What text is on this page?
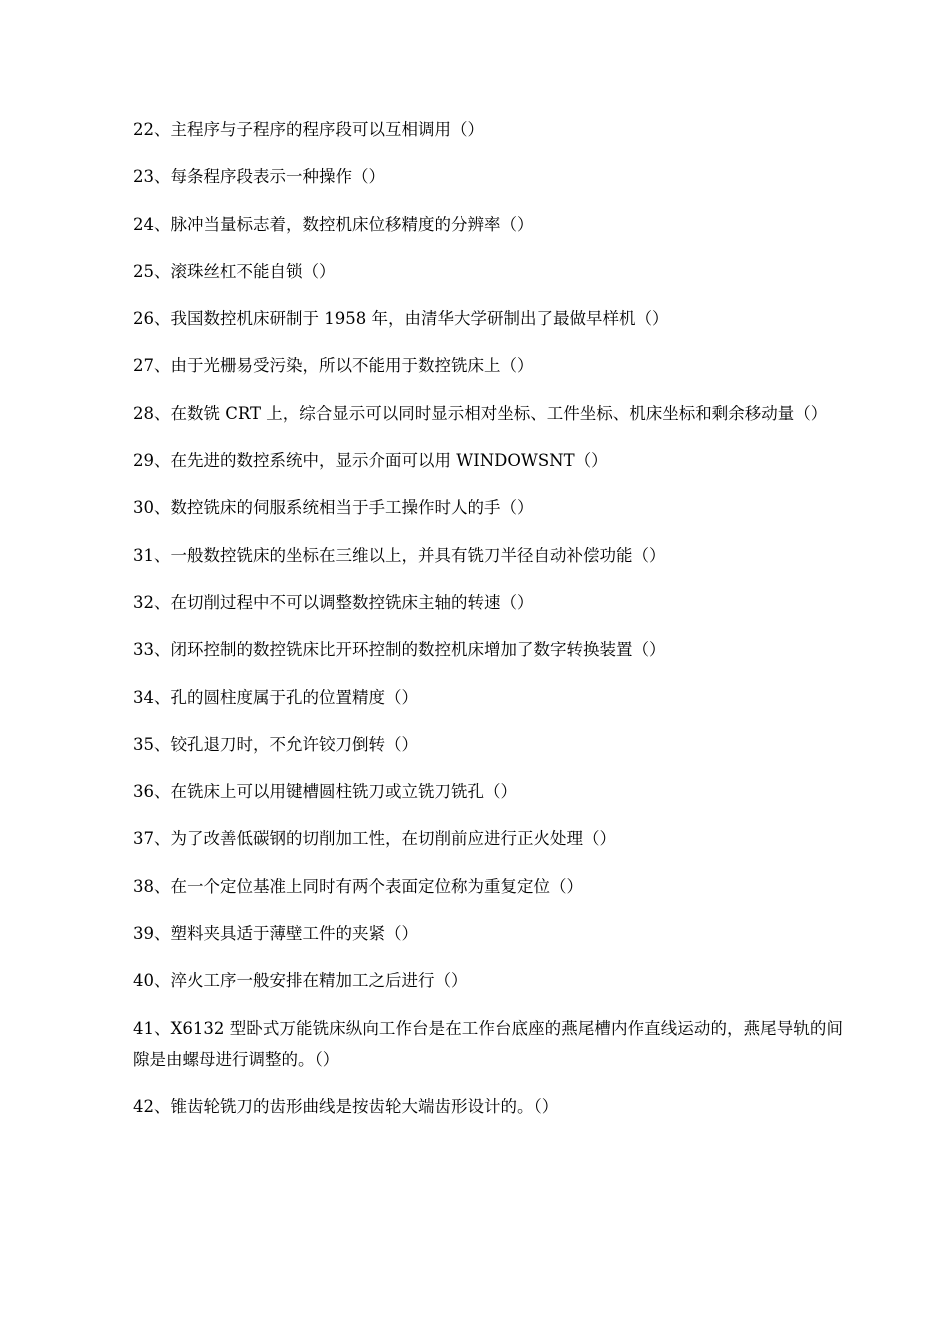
22、主程序与子程序的程序段可以互相调用（）
23、每条程序段表示一种操作（）
24、脉冲当量标志着，数控机床位移精度的分辨率（）
25、滚珠丝杠不能自锁（）
26、我国数控机床研制于 1958 年，由清华大学研制出了最做早样机（）
27、由于光栅易受污染，所以不能用于数控铣床上（）
28、在数铣 CRT 上，综合显示可以同时显示相对坐标、工件坐标、机床坐标和剩余移动量（）
29、在先进的数控系统中，显示介面可以用 WINDOWSNT（）
30、数控铣床的伺服系统相当于手工操作时人的手（）
31、一般数控铣床的坐标在三维以上，并具有铣刀半径自动补偿功能（）
32、在切削过程中不可以调整数控铣床主轴的转速（）
33、闭环控制的数控铣床比开环控制的数控机床增加了数字转换装置（）
34、孔的圆柱度属于孔的位置精度（）
35、铰孔退刀时，不允许铰刀倒转（）
36、在铣床上可以用键槽圆柱铣刀或立铣刀铣孔（）
37、为了改善低碳钢的切削加工性，在切削前应进行正火处理（）
38、在一个定位基准上同时有两个表面定位称为重复定位（）
39、塑料夹具适于薄壁工件的夹紧（）
40、淬火工序一般安排在精加工之后进行（）
41、X6132 型卧式万能铣床纵向工作台是在工作台底座的燕尾槽内作直线运动的，燕尾导轨的间隙是由螺母进行调整的。（）
42、锥齿轮铣刀的齿形曲线是按齿轮大端齿形设计的。（）
